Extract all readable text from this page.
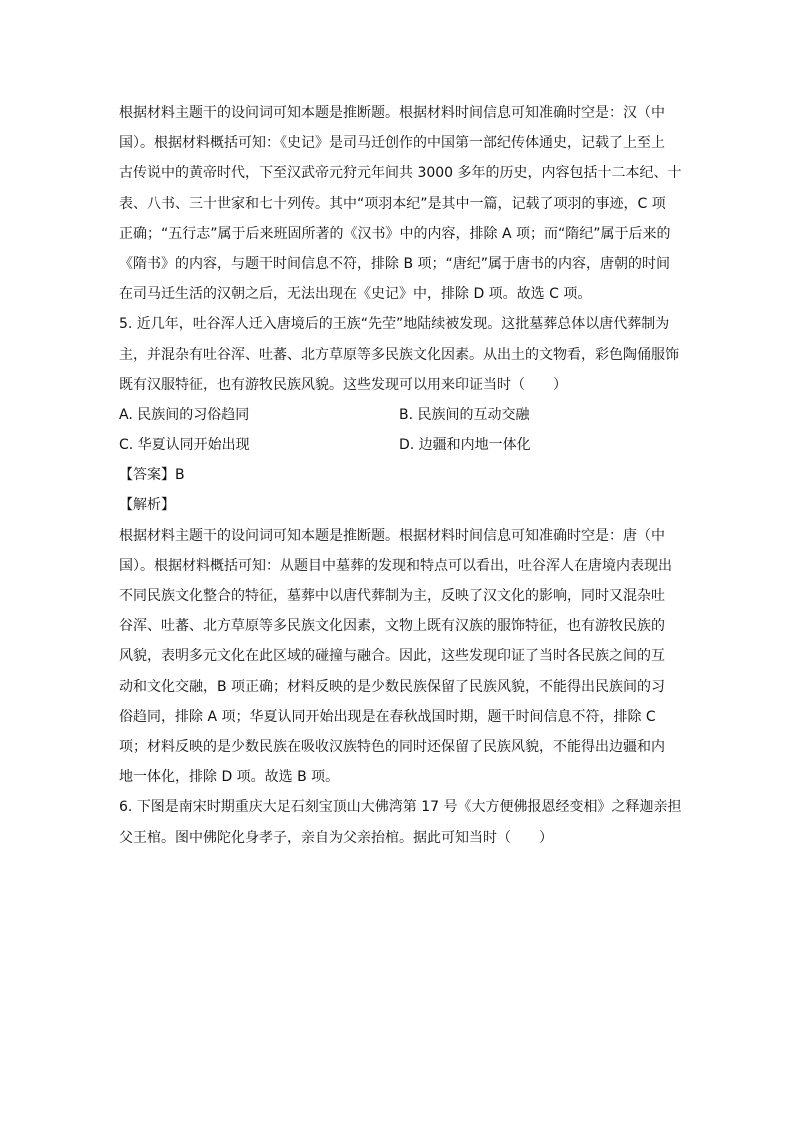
根据材料主题干的设问词可知本题是推断题。根据材料时间信息可知准确时空是：汉（中
国）。根据材料概括可知：《史记》是司马迁创作的中国第一部纪传体通史，记载了上至上
古传说中的黄帝时代，下至汉武帝元狩元年间共 3000 多年的历史，内容包括十二本纪、十
表、八书、三十世家和七十列传。其中“项羽本纪”是其中一篇，记载了项羽的事迹，C 项
正确；“五行志”属于后来班固所著的《汉书》中的内容，排除 A 项；而“隋纪”属于后来的
《隋书》的内容，与题干时间信息不符，排除 B 项；“唐纪”属于唐书的内容，唐朝的时间
在司马迁生活的汉朝之后，无法出现在《史记》中，排除 D 项。故选 C 项。
5. 近几年，吐谷浑人迁入唐境后的王族“先茔”地陆续被发现。这批墓葬总体以唐代葬制为
主，并混杂有吐谷浑、吐蕃、北方草原等多民族文化因素。从出土的文物看，彩色陶俑服饰
既有汉服特征，也有游牧民族风貌。这些发现可以用来印证当时（　　）
A. 民族间的习俗趋同	B. 民族间的互动交融
C. 华夏认同开始出现	D. 边疆和内地一体化
【答案】B
【解析】
根据材料主题干的设问词可知本题是推断题。根据材料时间信息可知准确时空是：唐（中
国）。根据材料概括可知：从题目中墓葬的发现和特点可以看出，吐谷浑人在唐境内表现出
不同民族文化整合的特征，墓葬中以唐代葬制为主，反映了汉文化的影响，同时又混杂吐
谷浑、吐蕃、北方草原等多民族文化因素，文物上既有汉族的服饰特征，也有游牧民族的
风貌，表明多元文化在此区域的碰撞与融合。因此，这些发现印证了当时各民族之间的互
动和文化交融，B 项正确；材料反映的是少数民族保留了民族风貌，不能得出民族间的习
俗趋同，排除 A 项；华夏认同开始出现是在春秋战国时期，题干时间信息不符，排除 C
项；材料反映的是少数民族在吸收汉族特色的同时还保留了民族风貌，不能得出边疆和内
地一体化，排除 D 项。故选 B 项。
6. 下图是南宋时期重庆大足石刻宝顶山大佛湾第 17 号《大方便佛报恩经变相》之释迦亲担
父王棺。图中佛陀化身孝子，亲自为父亲抬棺。据此可知当时（　　）
